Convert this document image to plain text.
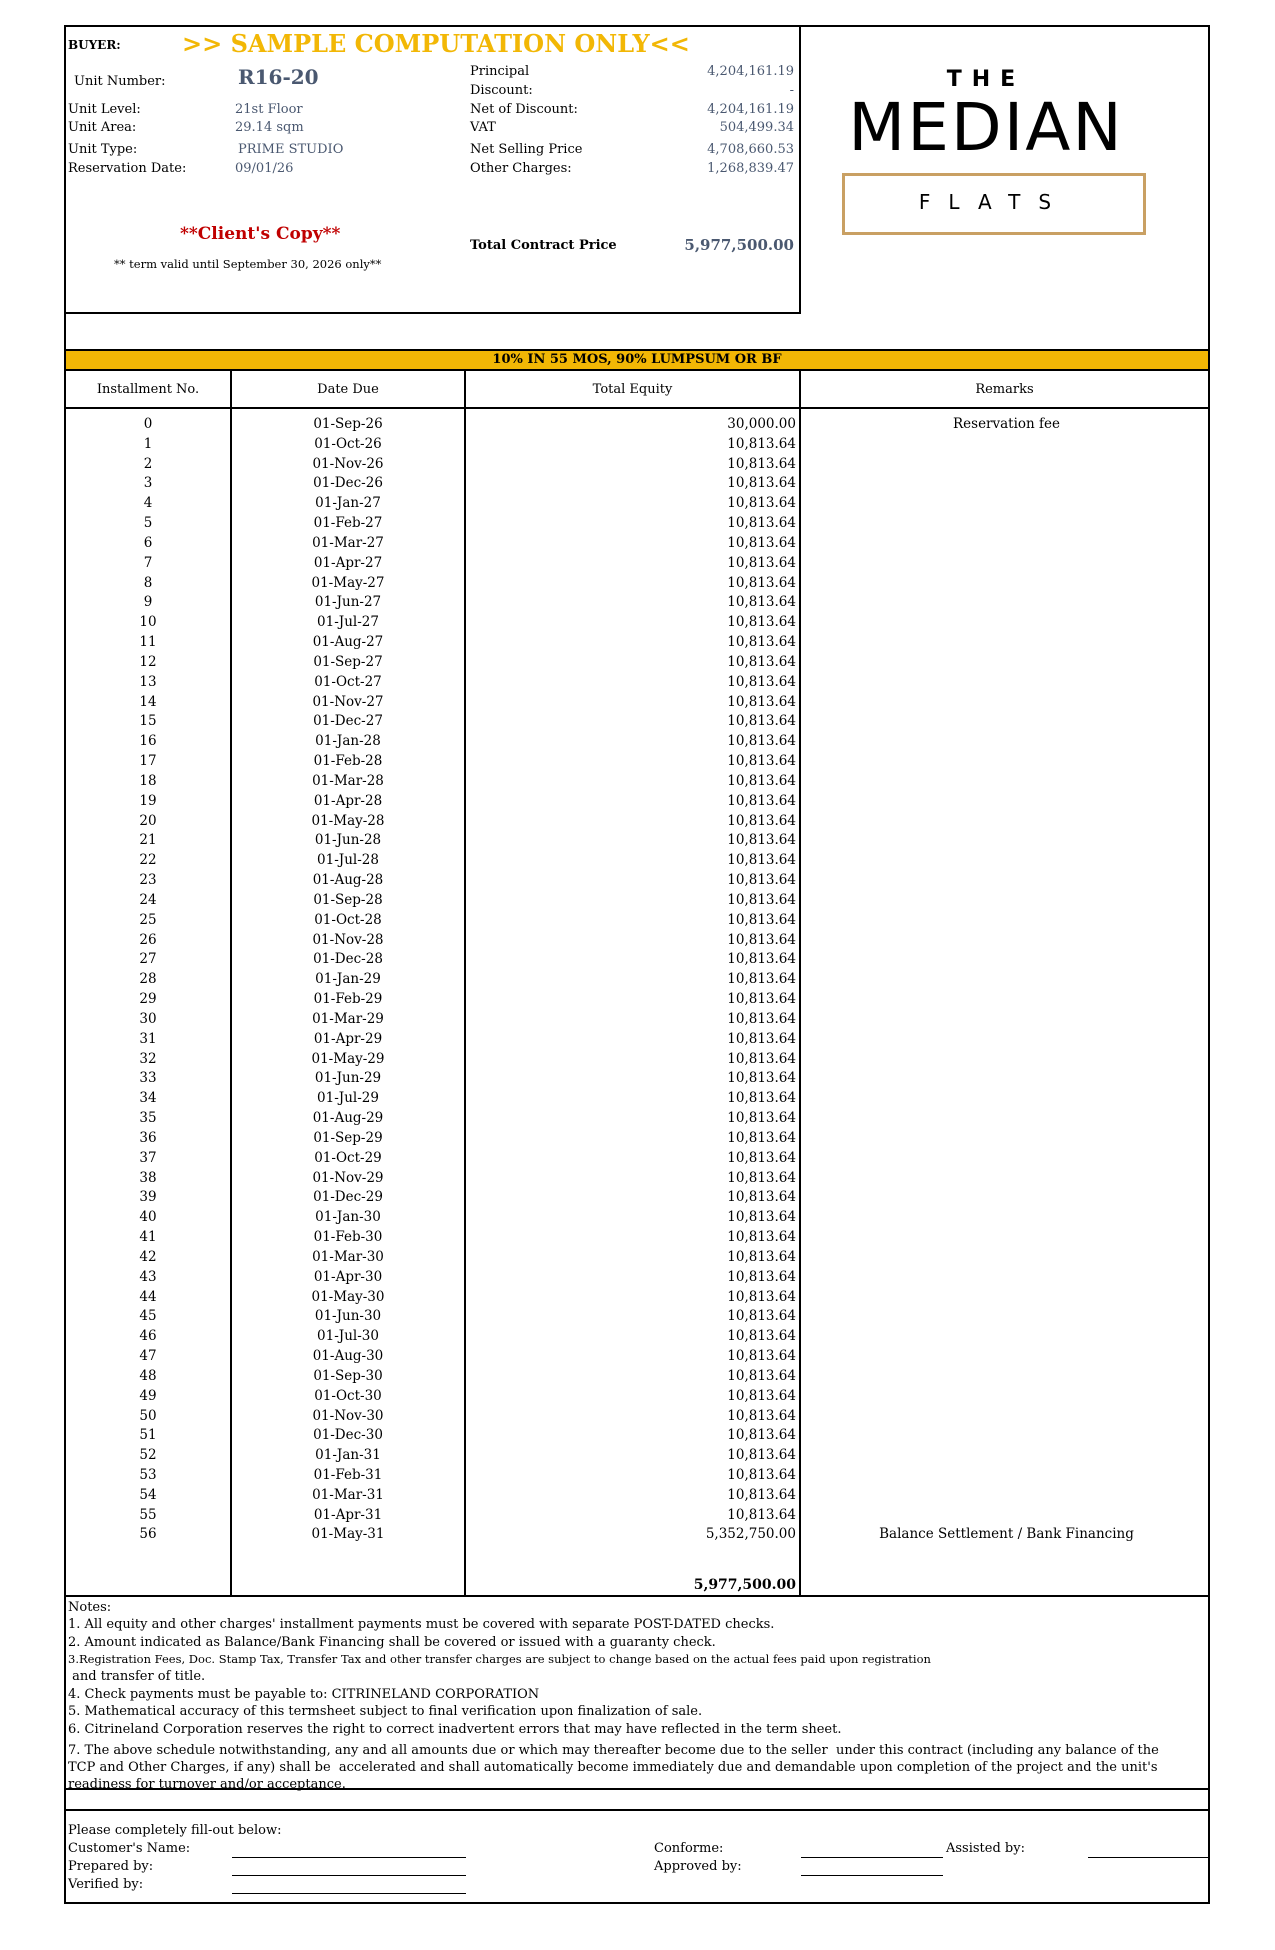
BUYER:	>> SAMPLE COMPUTATION ONLY<<
Unit Number:	R16-20
Unit Level:	21st Floor
Unit Area:	29.14 sqm
Unit Type:	PRIME STUDIO
Reservation Date:	09/01/26
**Client's Copy**
** term valid until September 30, 2026 only**
Principal	4,204,161.19
Discount:	-
Net of Discount:	4,204,161.19
VAT	504,499.34
Net Selling Price	4,708,660.53
Other Charges:	1,268,839.47
Total Contract Price	5,977,500.00
THE
MEDIAN
FLATS
10% IN 55 MOS, 90% LUMPSUM OR BF
Installment No.	Date Due	Total Equity	Remarks
0	01-Sep-26	30,000.00	Reservation fee
1	01-Oct-26	10,813.64
2	01-Nov-26	10,813.64
3	01-Dec-26	10,813.64
4	01-Jan-27	10,813.64
5	01-Feb-27	10,813.64
6	01-Mar-27	10,813.64
7	01-Apr-27	10,813.64
8	01-May-27	10,813.64
9	01-Jun-27	10,813.64
10	01-Jul-27	10,813.64
11	01-Aug-27	10,813.64
12	01-Sep-27	10,813.64
13	01-Oct-27	10,813.64
14	01-Nov-27	10,813.64
15	01-Dec-27	10,813.64
16	01-Jan-28	10,813.64
17	01-Feb-28	10,813.64
18	01-Mar-28	10,813.64
19	01-Apr-28	10,813.64
20	01-May-28	10,813.64
21	01-Jun-28	10,813.64
22	01-Jul-28	10,813.64
23	01-Aug-28	10,813.64
24	01-Sep-28	10,813.64
25	01-Oct-28	10,813.64
26	01-Nov-28	10,813.64
27	01-Dec-28	10,813.64
28	01-Jan-29	10,813.64
29	01-Feb-29	10,813.64
30	01-Mar-29	10,813.64
31	01-Apr-29	10,813.64
32	01-May-29	10,813.64
33	01-Jun-29	10,813.64
34	01-Jul-29	10,813.64
35	01-Aug-29	10,813.64
36	01-Sep-29	10,813.64
37	01-Oct-29	10,813.64
38	01-Nov-29	10,813.64
39	01-Dec-29	10,813.64
40	01-Jan-30	10,813.64
41	01-Feb-30	10,813.64
42	01-Mar-30	10,813.64
43	01-Apr-30	10,813.64
44	01-May-30	10,813.64
45	01-Jun-30	10,813.64
46	01-Jul-30	10,813.64
47	01-Aug-30	10,813.64
48	01-Sep-30	10,813.64
49	01-Oct-30	10,813.64
50	01-Nov-30	10,813.64
51	01-Dec-30	10,813.64
52	01-Jan-31	10,813.64
53	01-Feb-31	10,813.64
54	01-Mar-31	10,813.64
55	01-Apr-31	10,813.64
56	01-May-31	5,352,750.00	Balance Settlement / Bank Financing
5,977,500.00
Notes:
1. All equity and other charges' installment payments must be covered with separate POST-DATED checks.
2. Amount indicated as Balance/Bank Financing shall be covered or issued with a guaranty check.
3.Registration Fees, Doc. Stamp Tax, Transfer Tax and other transfer charges are subject to change based on the actual fees paid upon registration
and transfer of title.
4. Check payments must be payable to: CITRINELAND CORPORATION
5. Mathematical accuracy of this termsheet subject to final verification upon finalization of sale.
6. Citrineland Corporation reserves the right to correct inadvertent errors that may have reflected in the term sheet.
7. The above schedule notwithstanding, any and all amounts due or which may thereafter become due to the seller  under this contract (including any balance of the
TCP and Other Charges, if any) shall be  accelerated and shall automatically become immediately due and demandable upon completion of the project and the unit's
readiness for turnover and/or acceptance.
Please completely fill-out below:
Customer's Name:
Prepared by:
Verified by:
Conforme:
Approved by:
Assisted by:
